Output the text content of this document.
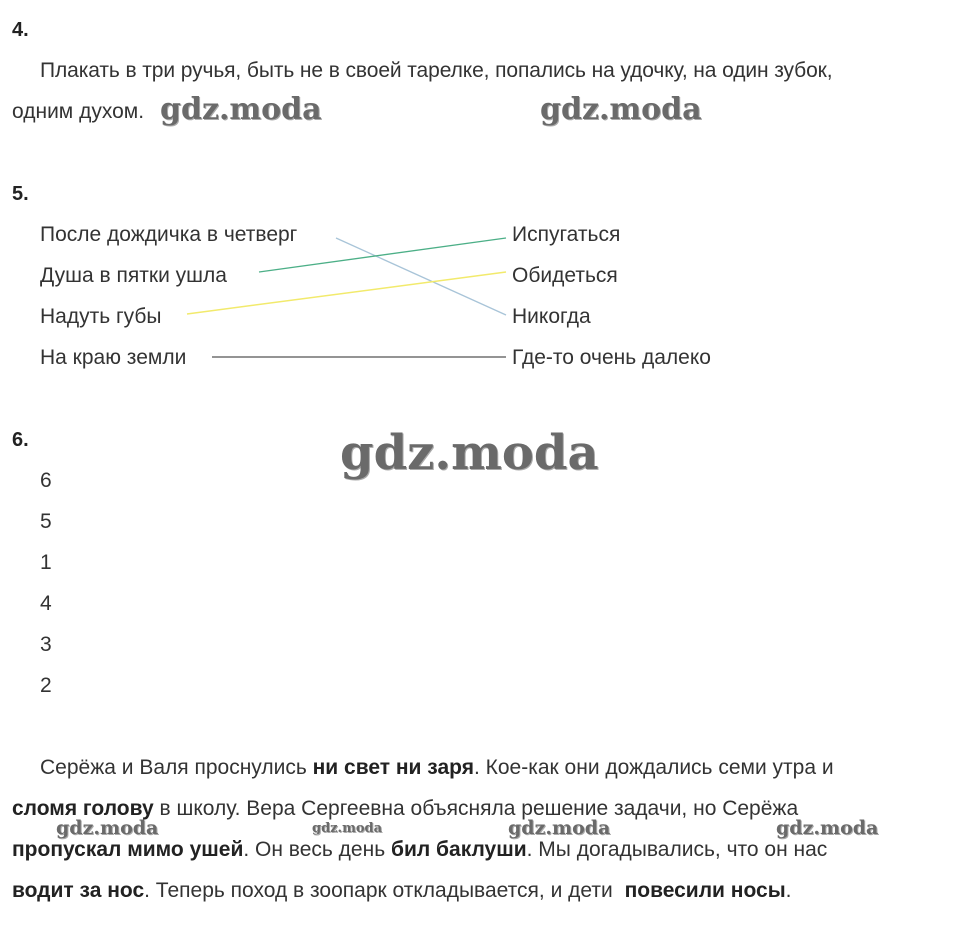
4.
Плакать в три ручья, быть не в своей тарелке, попались на удочку, на один зубок,
одним духом.
5.
После дождичка в четверг
Душа в пятки ушла
Надуть губы
На краю земли
Испугаться
Обидеться
Никогда
Где-то очень далеко
6.
6
5
1
4
3
2
Серёжа и Валя проснулись ни свет ни заря. Кое-как они дождались семи утра и
сломя голову в школу. Вера Сергеевна объясняла решение задачи, но Серёжа
пропускал мимо ушей. Он весь день бил баклуши. Мы догадывались, что он нас
водит за нос. Теперь поход в зоопарк откладывается, и дети повесили носы.
gdz.moda	gdz.moda
gdz.moda
gdz.moda	gdz.moda	gdz.moda	gdz.moda
